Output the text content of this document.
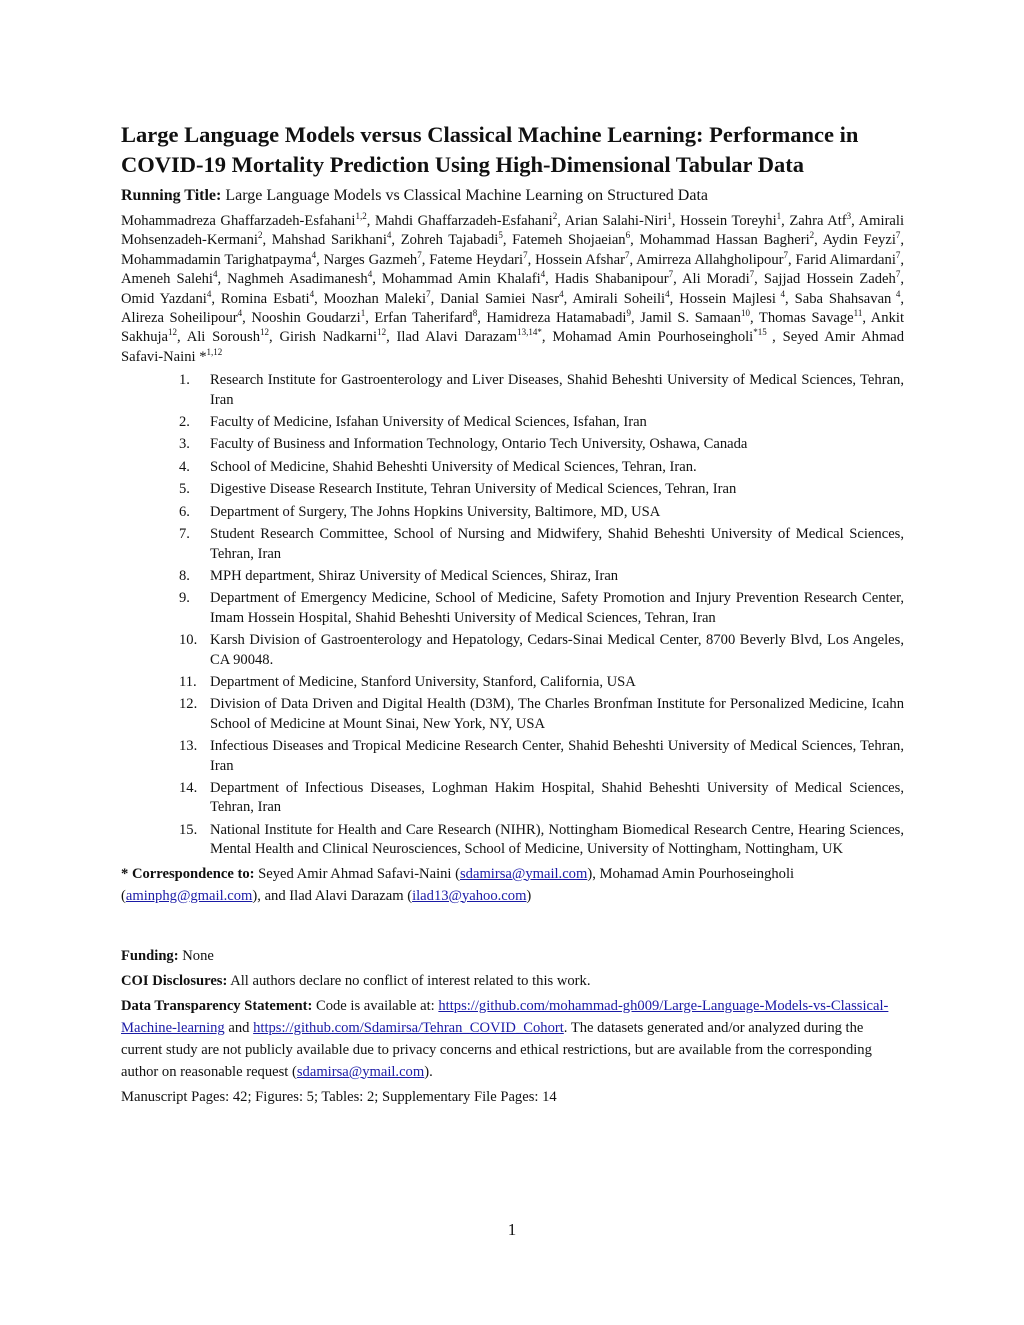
Large Language Models versus Classical Machine Learning: Performance in COVID-19 Mortality Prediction Using High-Dimensional Tabular Data
Running Title: Large Language Models vs Classical Machine Learning on Structured Data
Mohammadreza Ghaffarzadeh-Esfahani$^{1,2}$, Mahdi Ghaffarzadeh-Esfahani$^2$, Arian Salahi-Niri$^1$, Hossein Toreyhi$^1$, Zahra Atf$^3$, Amirali Mohsenzadeh-Kermani$^2$, Mahshad Sarikhani$^4$, Zohreh Tajabadi$^5$, Fatemeh Shojaeian$^6$, Mohammad Hassan Bagheri$^2$, Aydin Feyzi$^7$, Mohammadamin Tarighatpayma$^4$, Narges Gazmeh$^7$, Fateme Heydari$^7$, Hossein Afshar$^7$, Amirreza Allahgholipour$^7$, Farid Alimardani$^7$, Ameneh Salehi$^4$, Naghmeh Asadimanesh$^4$, Mohammad Amin Khalafi$^4$, Hadis Shabanipour$^7$, Ali Moradi$^7$, Sajjad Hossein Zadeh$^7$, Omid Yazdani$^4$, Romina Esbati$^4$, Moozhan Maleki$^7$, Danial Samiei Nasr$^4$, Amirali Soheili$^4$, Hossein Majlesi $^4$, Saba Shahsavan $^4$, Alireza Soheilipour$^4$, Nooshin Goudarzi$^1$, Erfan Taherifard$^8$, Hamidreza Hatamabadi$^9$, Jamil S. Samaan$^{10}$, Thomas Savage$^{11}$, Ankit Sakhuja$^{12}$, Ali Soroush$^{12}$, Girish Nadkarni$^{12}$, Ilad Alavi Darazam$^{13,14*}$, Mohamad Amin Pourhoseingholi$^{*15}$ , Seyed Amir Ahmad Safavi-Naini *$^{1,12}$
1.	Research Institute for Gastroenterology and Liver Diseases, Shahid Beheshti University of Medical Sciences, Tehran, Iran
2.	Faculty of Medicine, Isfahan University of Medical Sciences, Isfahan, Iran
3.	Faculty of Business and Information Technology, Ontario Tech University, Oshawa, Canada
4.	School of Medicine, Shahid Beheshti University of Medical Sciences, Tehran, Iran.
5.	Digestive Disease Research Institute, Tehran University of Medical Sciences, Tehran, Iran
6.	Department of Surgery, The Johns Hopkins University, Baltimore, MD, USA
7.	Student Research Committee, School of Nursing and Midwifery, Shahid Beheshti University of Medical Sciences, Tehran, Iran
8.	MPH department, Shiraz University of Medical Sciences, Shiraz, Iran
9.	Department of Emergency Medicine, School of Medicine, Safety Promotion and Injury Prevention Research Center, Imam Hossein Hospital, Shahid Beheshti University of Medical Sciences, Tehran, Iran
10. Karsh Division of Gastroenterology and Hepatology, Cedars-Sinai Medical Center, 8700 Beverly Blvd, Los Angeles, CA 90048.
11. Department of Medicine, Stanford University, Stanford, California, USA
12. Division of Data Driven and Digital Health (D3M), The Charles Bronfman Institute for Personalized Medicine, Icahn School of Medicine at Mount Sinai, New York, NY, USA
13. Infectious Diseases and Tropical Medicine Research Center, Shahid Beheshti University of Medical Sciences, Tehran, Iran
14. Department of Infectious Diseases, Loghman Hakim Hospital, Shahid Beheshti University of Medical Sciences, Tehran, Iran
15. National Institute for Health and Care Research (NIHR), Nottingham Biomedical Research Centre, Hearing Sciences, Mental Health and Clinical Neurosciences, School of Medicine, University of Nottingham, Nottingham, UK
* Correspondence to: Seyed Amir Ahmad Safavi-Naini (sdamirsa@ymail.com), Mohamad Amin Pourhoseingholi (aminphg@gmail.com), and Ilad Alavi Darazam (ilad13@yahoo.com)

Funding: None

COI Disclosures: All authors declare no conflict of interest related to this work.

Data Transparency Statement: Code is available at: https://github.com/mohammad-gh009/Large-Language-Models-vs-Classical-Machine-learning and https://github.com/Sdamirsa/Tehran_COVID_Cohort. The datasets generated and/or analyzed during the current study are not publicly available due to privacy concerns and ethical restrictions, but are available from the corresponding author on reasonable request (sdamirsa@ymail.com).

Manuscript Pages: 42; Figures: 5; Tables: 2; Supplementary File Pages: 14

1
